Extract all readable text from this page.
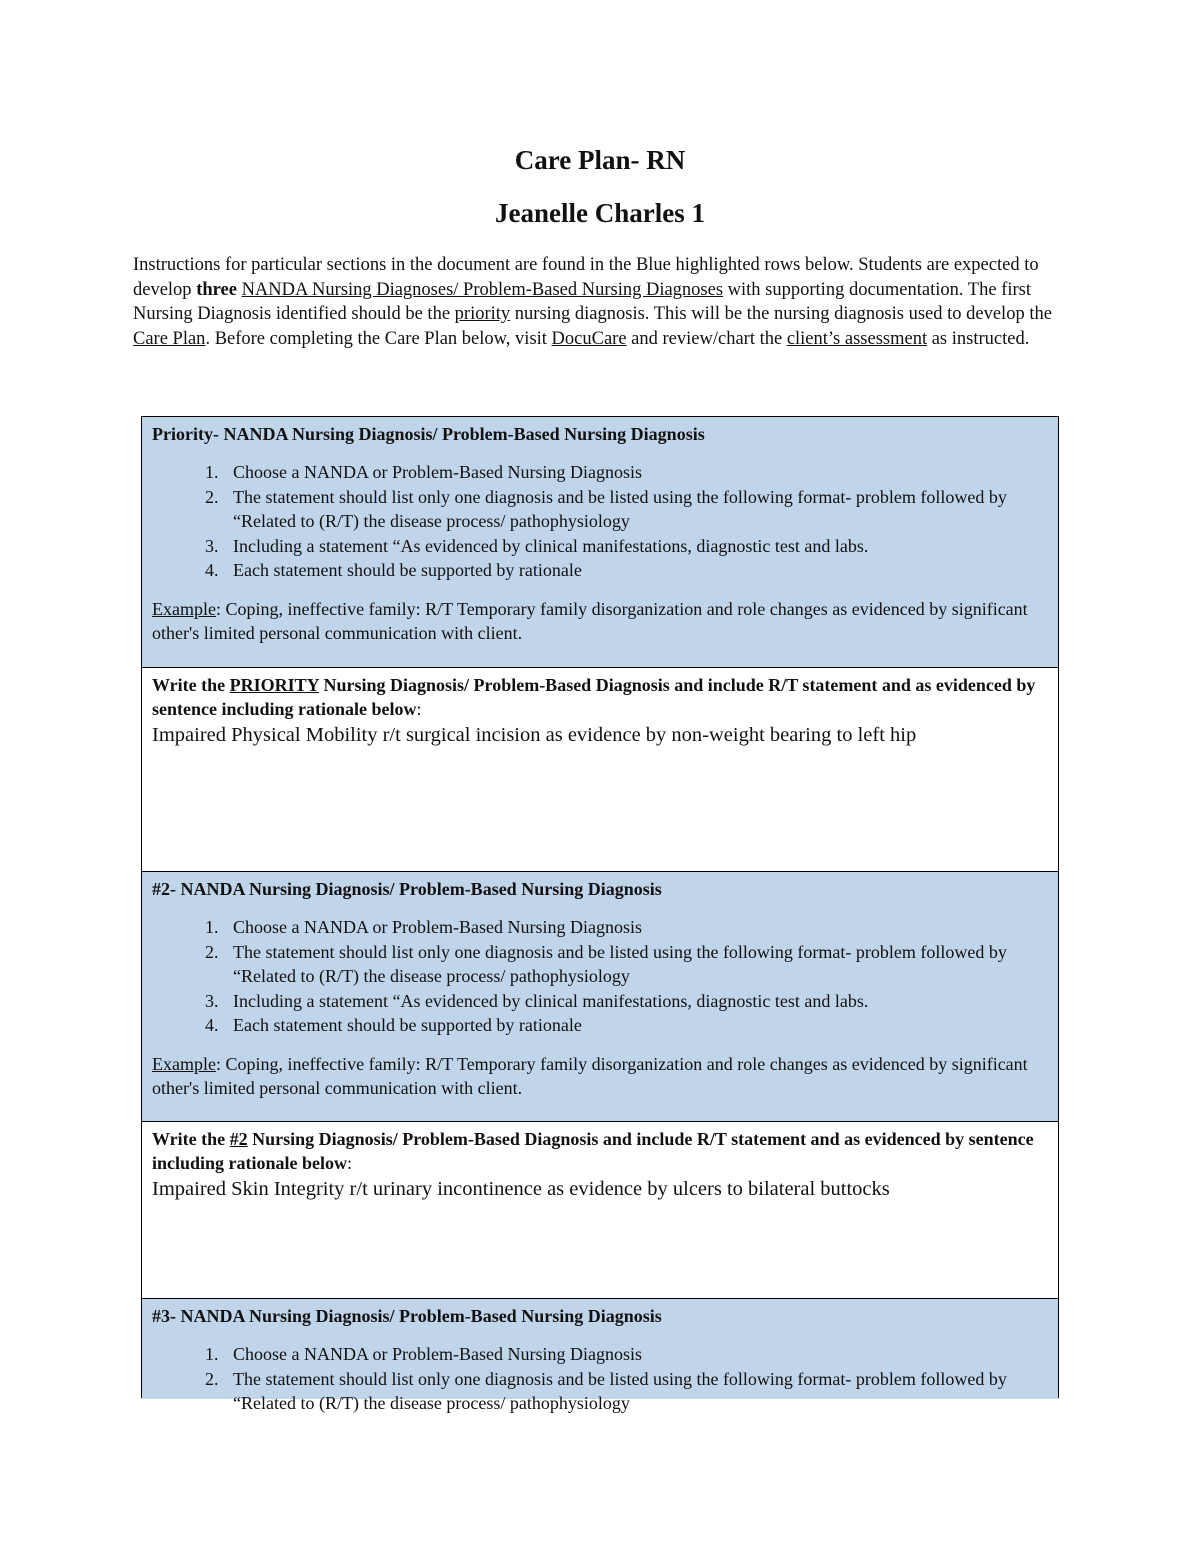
Care Plan- RN
Jeanelle Charles 1
Instructions for particular sections in the document are found in the Blue highlighted rows below. Students are expected to develop three NANDA Nursing Diagnoses/ Problem-Based Nursing Diagnoses with supporting documentation. The first Nursing Diagnosis identified should be the priority nursing diagnosis. This will be the nursing diagnosis used to develop the Care Plan. Before completing the Care Plan below, visit DocuCare and review/chart the client’s assessment as instructed.
Priority- NANDA Nursing Diagnosis/ Problem-Based Nursing Diagnosis
1. Choose a NANDA or Problem-Based Nursing Diagnosis
2. The statement should list only one diagnosis and be listed using the following format- problem followed by “Related to (R/T) the disease process/ pathophysiology
3. Including a statement “As evidenced by clinical manifestations, diagnostic test and labs.
4. Each statement should be supported by rationale
Example: Coping, ineffective family: R/T Temporary family disorganization and role changes as evidenced by significant other's limited personal communication with client.
Write the PRIORITY Nursing Diagnosis/ Problem-Based Diagnosis and include R/T statement and as evidenced by sentence including rationale below:
Impaired Physical Mobility r/t surgical incision as evidence by non-weight bearing to left hip
#2- NANDA Nursing Diagnosis/ Problem-Based Nursing Diagnosis
1. Choose a NANDA or Problem-Based Nursing Diagnosis
2. The statement should list only one diagnosis and be listed using the following format- problem followed by “Related to (R/T) the disease process/ pathophysiology
3. Including a statement “As evidenced by clinical manifestations, diagnostic test and labs.
4. Each statement should be supported by rationale
Example: Coping, ineffective family: R/T Temporary family disorganization and role changes as evidenced by significant other's limited personal communication with client.
Write the #2 Nursing Diagnosis/ Problem-Based Diagnosis and include R/T statement and as evidenced by sentence including rationale below:
Impaired Skin Integrity r/t urinary incontinence as evidence by ulcers to bilateral buttocks
#3- NANDA Nursing Diagnosis/ Problem-Based Nursing Diagnosis
1. Choose a NANDA or Problem-Based Nursing Diagnosis
2. The statement should list only one diagnosis and be listed using the following format- problem followed by “Related to (R/T) the disease process/ pathophysiology
